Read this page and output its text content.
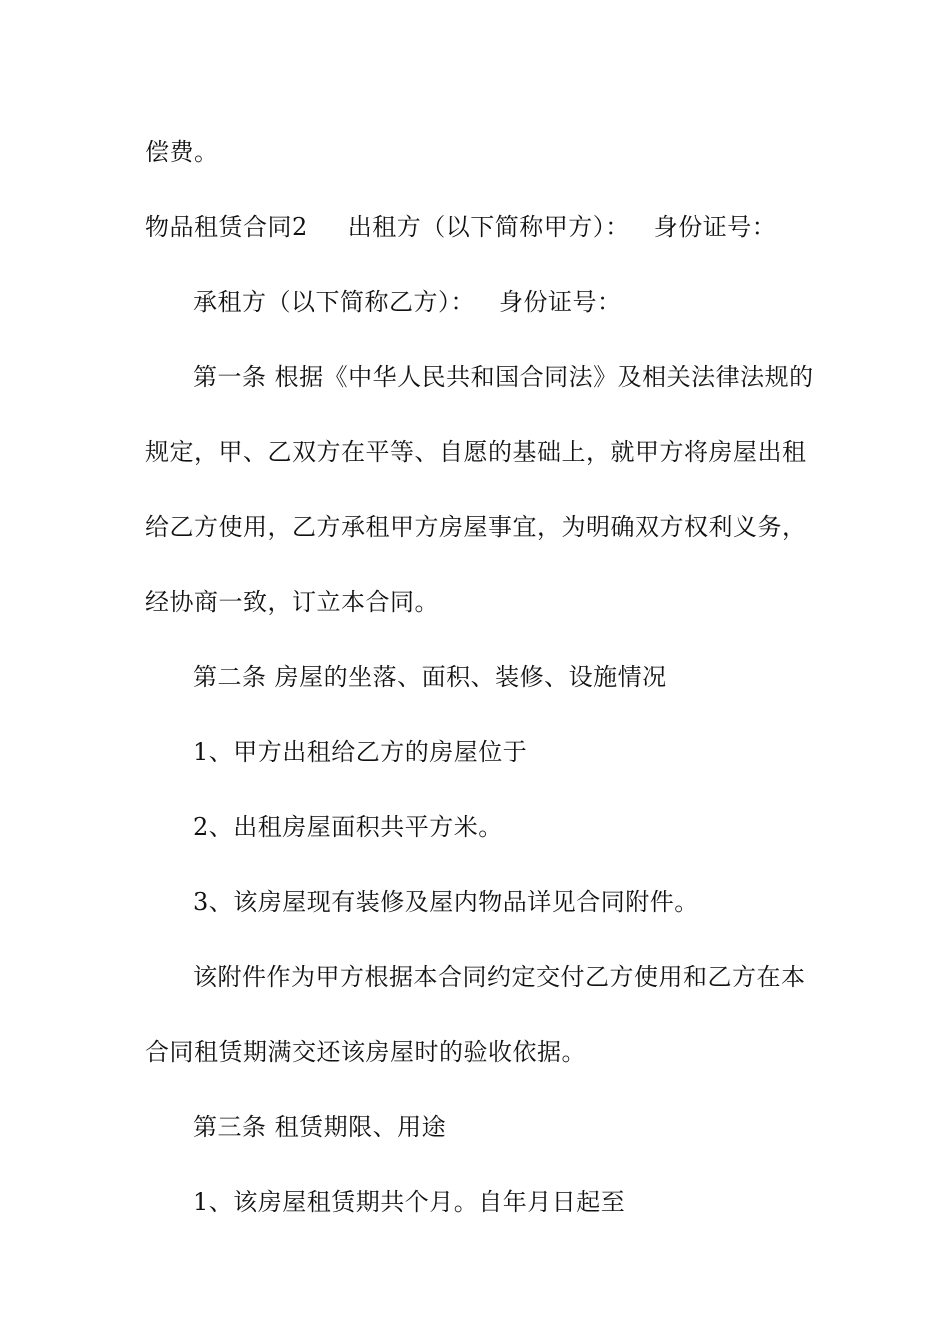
偿费。
物品租赁合同2 出租方（以下简称甲方）： 身份证号：
承租方（以下简称乙方）： 身份证号：
第一条 根据《中华人民共和国合同法》及相关法律法规的
规定，甲、乙双方在平等、自愿的基础上，就甲方将房屋出租
给乙方使用，乙方承租甲方房屋事宜，为明确双方权利义务，
经协商一致，订立本合同。
第二条 房屋的坐落、面积、装修、设施情况
1、甲方出租给乙方的房屋位于
2、出租房屋面积共平方米。
3、该房屋现有装修及屋内物品详见合同附件。
该附件作为甲方根据本合同约定交付乙方使用和乙方在本
合同租赁期满交还该房屋时的验收依据。
第三条 租赁期限、用途
1、该房屋租赁期共个月。自年月日起至
